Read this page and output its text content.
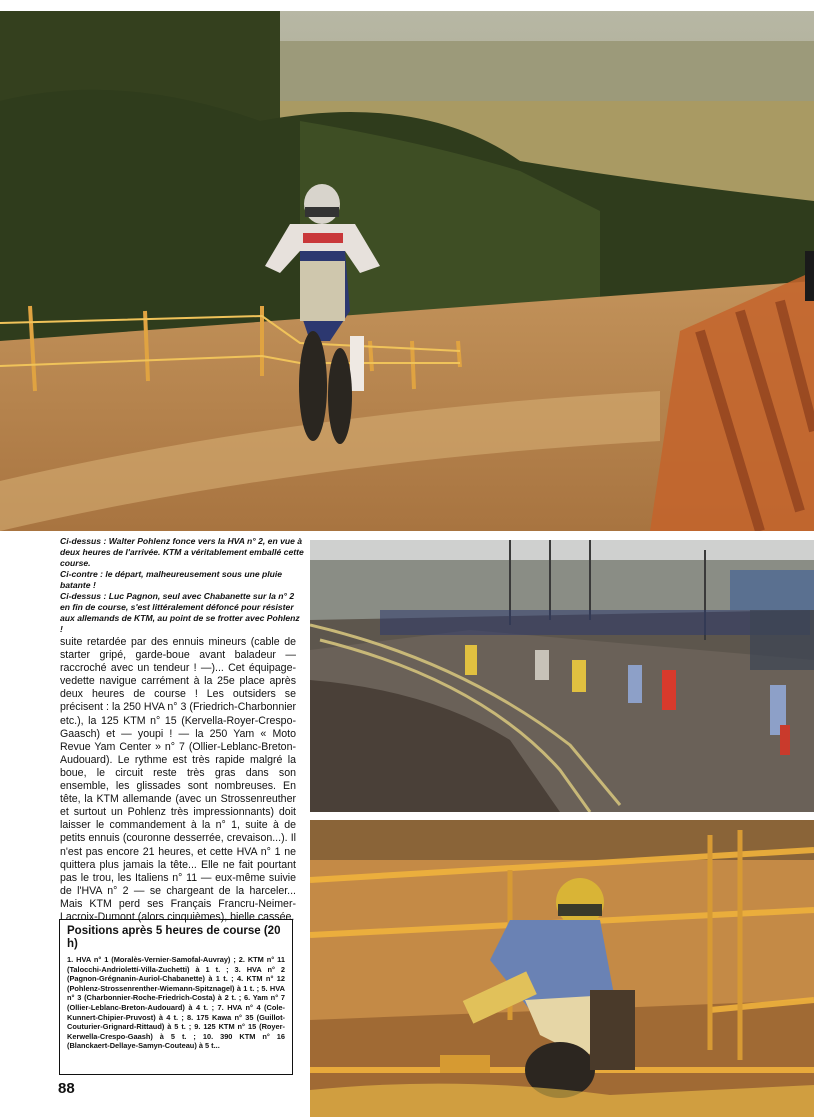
Ci-dessus : Walter Pohlenz fonce vers la HVA n° 2, en vue à deux heures de l'arrivée. KTM a véritablement emballé cette course.

Ci-contre : le départ, malheureusement sous une pluie batante !

Ci-dessus : Luc Pagnon, seul avec Chabanette sur la n° 2 en fin de course, s'est littéralement défoncé pour résister aux allemands de KTM, au point de se frotter avec Pohlenz !

suite retardée par des ennuis mineurs (cable de starter gripé, garde-boue avant baladeur — raccroché avec un tendeur ! —)... Cet équipage-vedette navigue carrément à la 25e place après deux heures de course ! Les outsiders se précisent : la 250 HVA n° 3 (Friedrich-Charbonnier etc.), la 125 KTM n° 15 (Kervella-Royer-Crespo-Gaasch) et — youpi ! — la 250 Yam « Moto Revue Yam Center » n° 7 (Ollier-Leblanc-Breton-Audouard). Le rythme est très rapide malgré la boue, le circuit reste très gras dans son ensemble, les glissades sont nombreuses. En tête, la KTM allemande (avec un Strossenreuther et surtout un Pohlenz très impressionnants) doit laisser le commandement à la n° 1, suite à de petits ennuis (couronne desserrée, crevaison...). Il n'est pas encore 21 heures, et cette HVA n° 1 ne quittera plus jamais la tête... Elle ne fait pourtant pas le trou, les Italiens n° 11 — eux-même suivie de l'HVA n° 2 — se chargeant de la harceler... Mais KTM perd ses Français Francru-Neimer-Lacroix-Dumont (alors cinquièmes), bielle cassée.

Positions après 5 heures de course (20 h)

1. HVA n° 1 (Moralès-Vernier-Samofal-Auvray) ; 2. KTM n° 11 (Talocchi-Andriolettí-Villa-Zuchetti) à 1 t. ; 3. HVA n° 2 (Pagnon-Grégnanin-Auriol-Chabanette) à 1 t. ; 4. KTM n° 12 (Pohlenz-Strossenrenther-Wiemann-Spitznagel) à 1 t. ; 5. HVA n° 3 (Charbonnier-Roche-Friedrich-Costa) à 2 t. ; 6. Yam n° 7 (Ollier-Leblanc-Breton-Audouard) à 4 t. ; 7. HVA n° 4 (Cole-Kunnert-Chipier-Pruvost) à 4 t. ; 8. 175 Kawa n° 35 (Guillot-Couturier-Grignard-Rittaud) à 5 t. ; 9. 125 KTM n° 15 (Royer-Kerwella-Crespo-Gaash) à 5 t. ; 10. 390 KTM n° 16 (Blanckaert-Dellaye-Samyn-Couteau) à 5 t...

88
